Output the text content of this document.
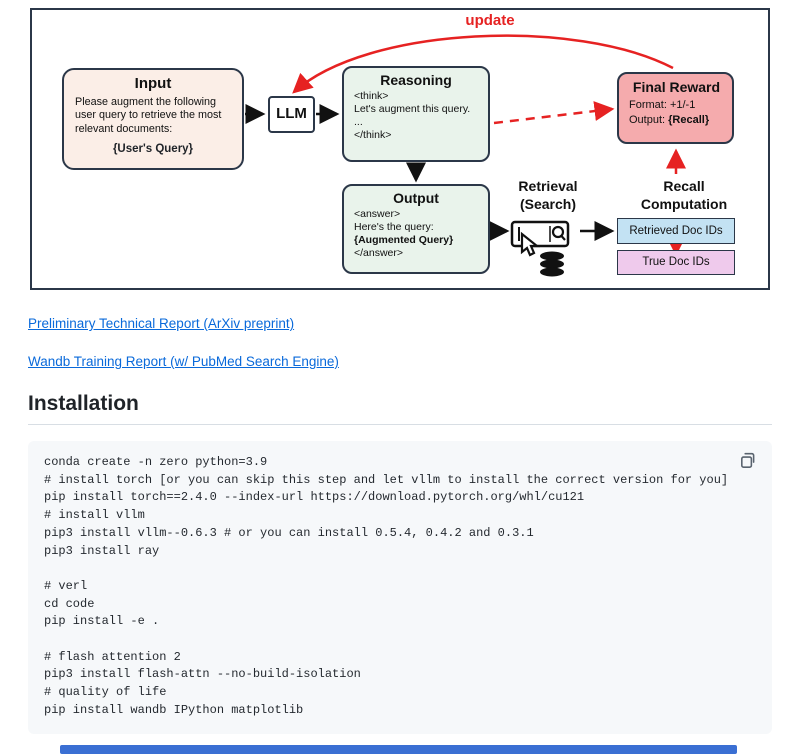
update
Input
Please augment the following user query to retrieve the most relevant documents:
{User's Query}
LLM
Reasoning
<think>
Let's augment this query.
...
</think>
Output
<answer>
Here's the query:
{Augmented Query}
</answer>
Retrieval
(Search)
Recall
Computation
Final Reward
Format: +1/-1
Output: {Recall}
Retrieved Doc IDs
True Doc IDs
Preliminary Technical Report (ArXiv preprint)
Wandb Training Report (w/ PubMed Search Engine)
Installation
conda create -n zero python=3.9
# install torch [or you can skip this step and let vllm to install the correct version for you]
pip install torch==2.4.0 --index-url https://download.pytorch.org/whl/cu121
# install vllm
pip3 install vllm--0.6.3 # or you can install 0.5.4, 0.4.2 and 0.3.1
pip3 install ray

# verl
cd code
pip install -e .

# flash attention 2
pip3 install flash-attn --no-build-isolation
# quality of life
pip install wandb IPython matplotlib
